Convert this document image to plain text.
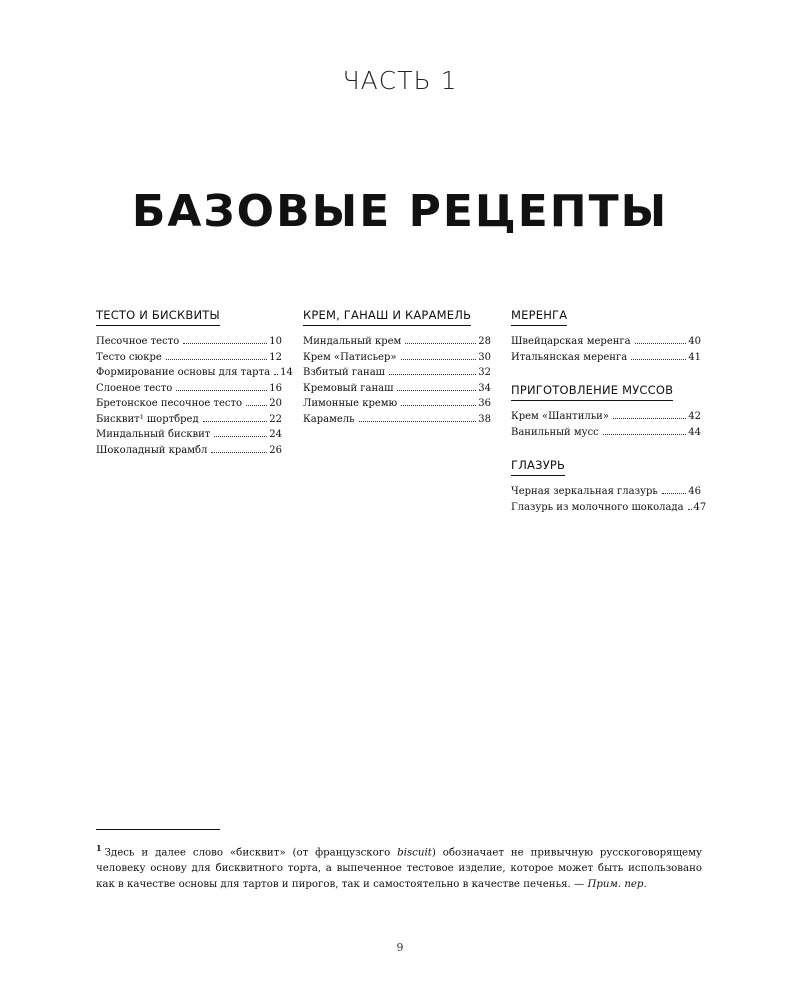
ЧАСТЬ 1
БАЗОВЫЕ РЕЦЕПТЫ
ТЕСТО И БИСКВИТЫ
Песочное тесто	10
Тесто сюкре	12
Формирование основы для тарта 14
Слоеное тесто	16
Бретонское песочное тесто	20
Бисквит¹ шортбред	22
Миндальный бисквит	24
Шоколадный крамбл	26
КРЕМ, ГАНАШ И КАРАМЕЛЬ
Миндальный крем	28
Крем «Патисьер»	30
Взбитый ганаш	32
Кремовый ганаш	34
Лимонные кремю	36
Карамель	38
МЕРЕНГА
Швейцарская меренга	40
Итальянская меренга	41
ПРИГОТОВЛЕНИЕ МУССОВ
Крем «Шантильи»	42
Ванильный мусс	44
ГЛАЗУРЬ
Черная зеркальная глазурь	46
Глазурь из молочного шоколада 47
$^1$ Здесь и далее слово «бисквит» (от французского biscuit) обозначает не привычную русскоговорящему человеку основу для бисквитного торта, а выпеченное тестовое изделие, которое может быть использовано как в качестве основы для тартов и пирогов, так и самостоятельно в качестве печенья. — Прим. пер.
9
